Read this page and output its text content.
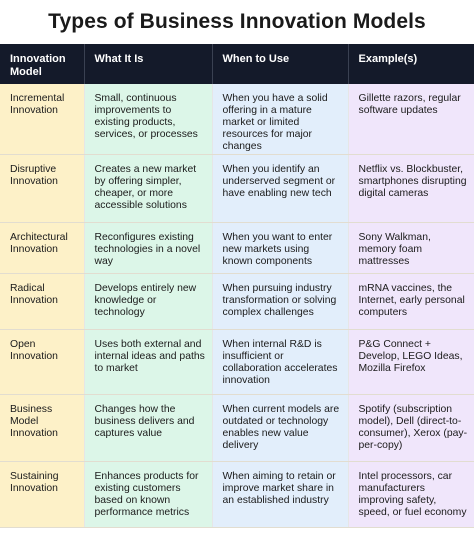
Types of Business Innovation Models
Innovation Model	What It Is	When to Use	Example(s)
Incremental Innovation	Small, continuous improvements to existing products, services, or processes	When you have a solid offering in a mature market or limited resources for major changes	Gillette razors, regular software updates
Disruptive Innovation	Creates a new market by offering simpler, cheaper, or more accessible solutions	When you identify an underserved segment or have enabling new tech	Netflix vs. Blockbuster, smartphones disrupting digital cameras
Architectural Innovation	Reconfigures existing technologies in a novel way	When you want to enter new markets using known components	Sony Walkman, memory foam mattresses
Radical Innovation	Develops entirely new knowledge or technology	When pursuing industry transformation or solving complex challenges	mRNA vaccines, the Internet, early personal computers
Open Innovation	Uses both external and internal ideas and paths to market	When internal R&D is insufficient or collaboration accelerates innovation	P&G Connect + Develop, LEGO Ideas, Mozilla Firefox
Business Model Innovation	Changes how the business delivers and captures value	When current models are outdated or technology enables new value delivery	Spotify (subscription model), Dell (direct-to-consumer), Xerox (pay-per-copy)
Sustaining Innovation	Enhances products for existing customers based on known performance metrics	When aiming to retain or improve market share in an established industry	Intel processors, car manufacturers improving safety, speed, or fuel economy
